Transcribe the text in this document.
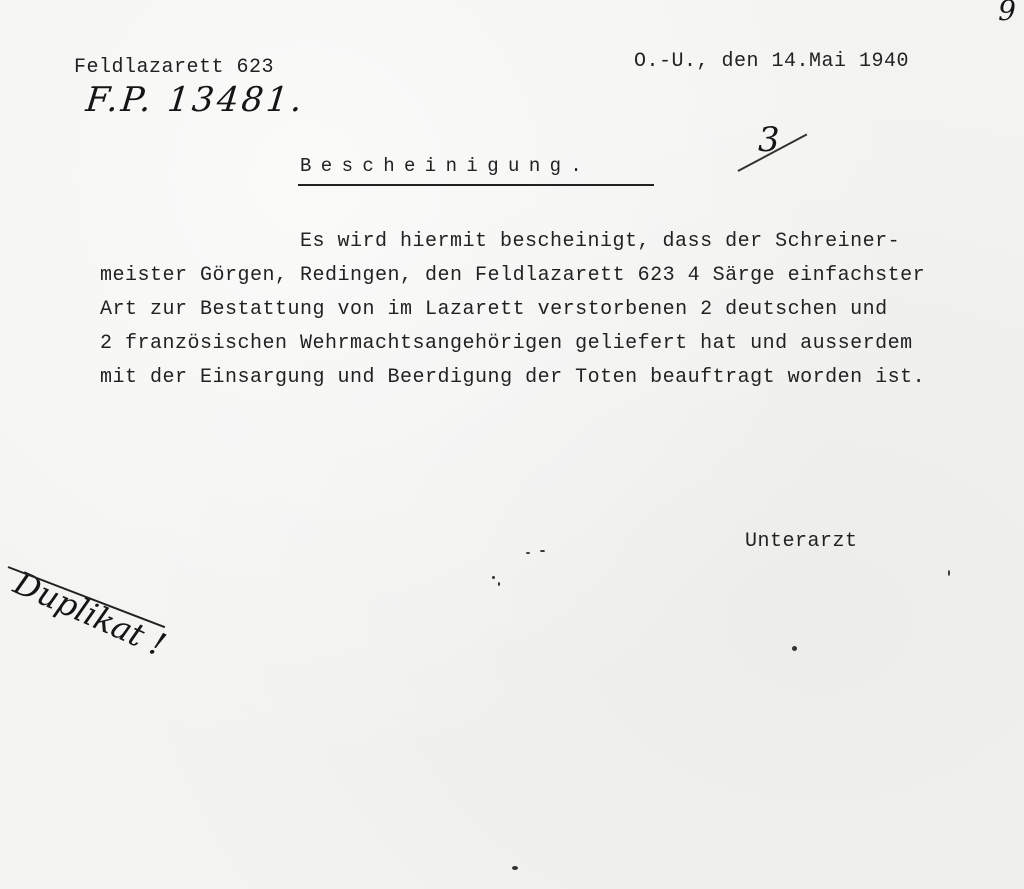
9
Feldlazarett 623	O.-U., den 14.Mai 1940
F.P. 13481.
3
Bescheinigung.
Es wird hiermit bescheinigt, dass der Schreiner-
meister Görgen, Redingen, den Feldlazarett 623 4 Särge einfachster
Art zur Bestattung von im Lazarett verstorbenen 2 deutschen und
2 französischen Wehrmachtsangehörigen geliefert hat und ausserdem
mit der Einsargung und Beerdigung der Toten beauftragt worden ist.
Unterarzt
Duplikat !
